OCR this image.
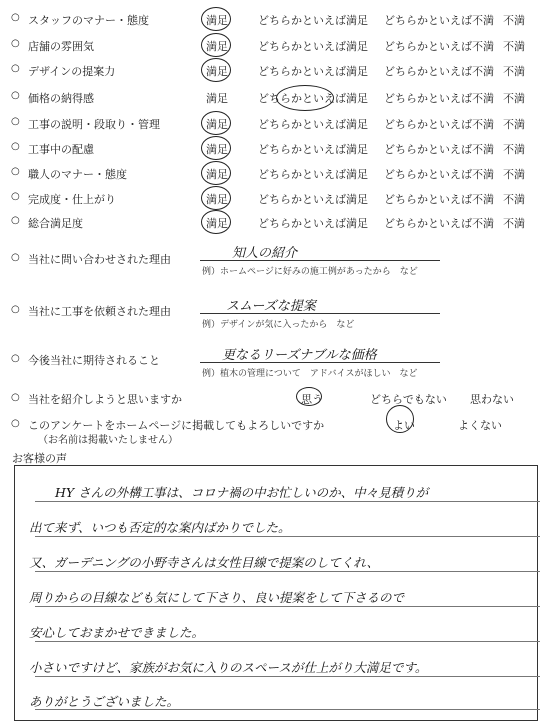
○ スタッフのマナー・態度	満足	どちらかといえば満足 どちらかといえば不満 不満
○ 店舗の雰囲気	満足	どちらかといえば満足 どちらかといえば不満 不満
○ デザインの提案力	満足	どちらかといえば満足 どちらかといえば不満 不満
○ 価格の納得感	満足	どちらかといえば満足 どちらかといえば不満 不満
○ 工事の説明・段取り・管理	満足	どちらかといえば満足 どちらかといえば不満 不満
○ 工事中の配慮	満足	どちらかといえば満足 どちらかといえば不満 不満
○ 職人のマナー・態度	満足	どちらかといえば満足 どちらかといえば不満 不満
○ 完成度・仕上がり	満足	どちらかといえば満足 どちらかといえば不満 不満
○ 総合満足度	満足	どちらかといえば満足 どちらかといえば不満 不満
○ 当社に問い合わせされた理由	知人の紹介
例）ホームページに好みの施工例があったから　など
○ 当社に工事を依頼された理由	スムーズな提案
例）デザインが気に入ったから　など
○ 今後当社に期待されること	更なるリーズナブルな価格
例）植木の管理について　アドバイスがほしい　など
○ 当社を紹介しようと思いますか	思う	どちらでもない 思わない
○ このアンケートをホームページに掲載してもよろしいですか
（お名前は掲載いたしません）
よい	よくない
お客様の声
HY さんの外構工事は、コロナ禍の中お忙しいのか、中々見積りが
出て来ず、いつも否定的な案内ばかりでした。
又、ガーデニングの小野寺さんは女性目線で提案のしてくれ、
周りからの目線なども気にして下さり、良い提案をして下さるので
安心しておまかせできました。
小さいですけど、家族がお気に入りのスペースが仕上がり大満足です。
ありがとうございました。
